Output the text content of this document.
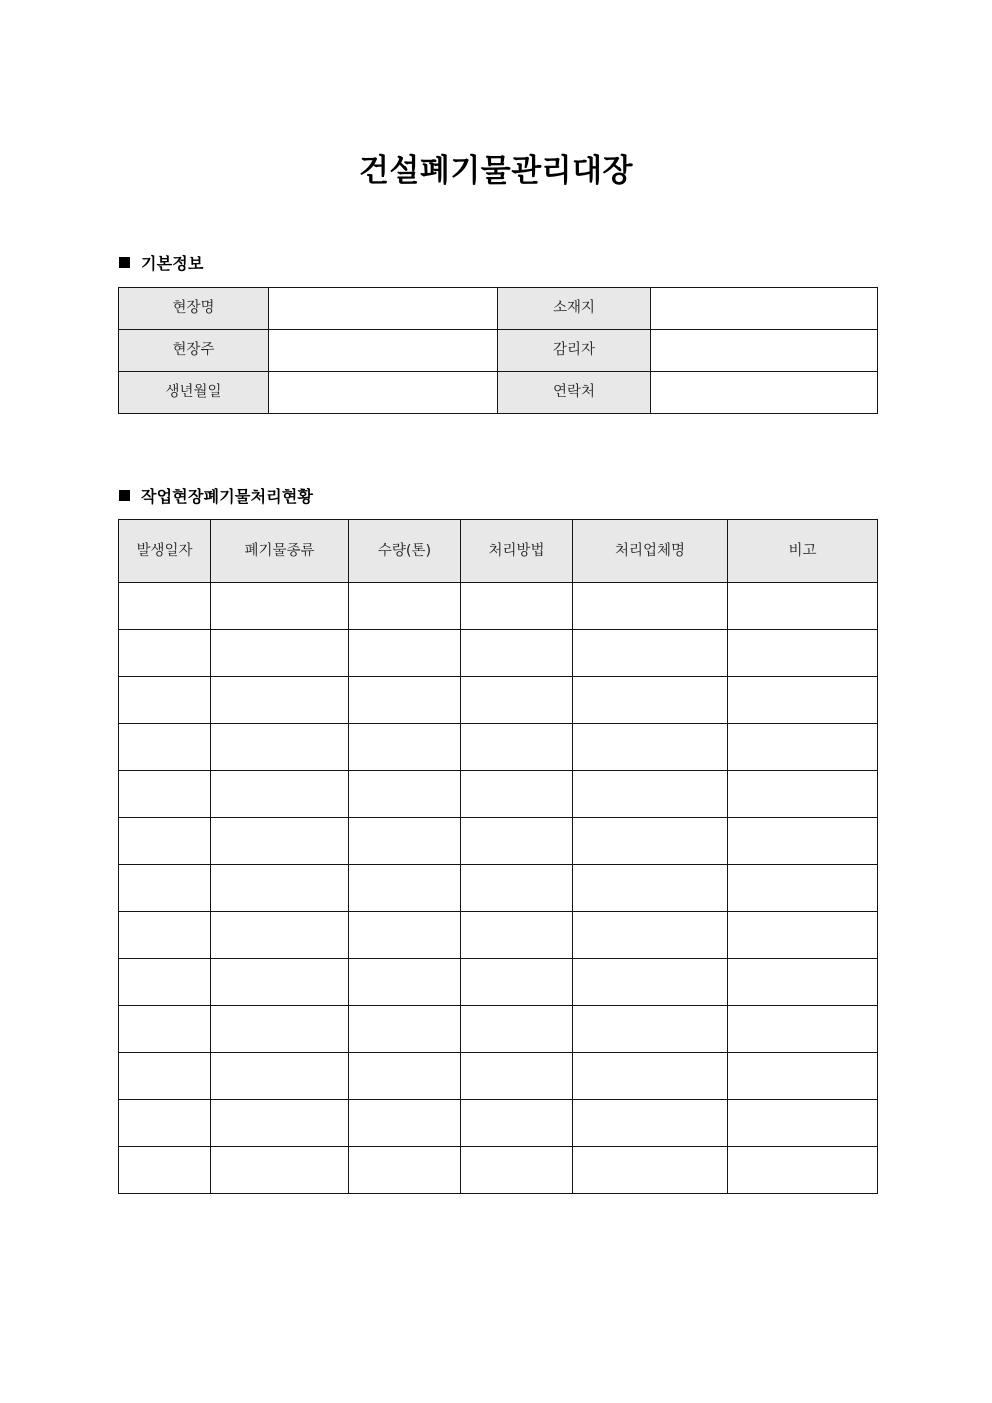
건설폐기물관리대장
기본정보
현장명		소재지	
현장주		감리자	
생년월일		연락처	
작업현장폐기물처리현황
발생일자	폐기물종류	수량(톤)	처리방법	처리업체명	비고
